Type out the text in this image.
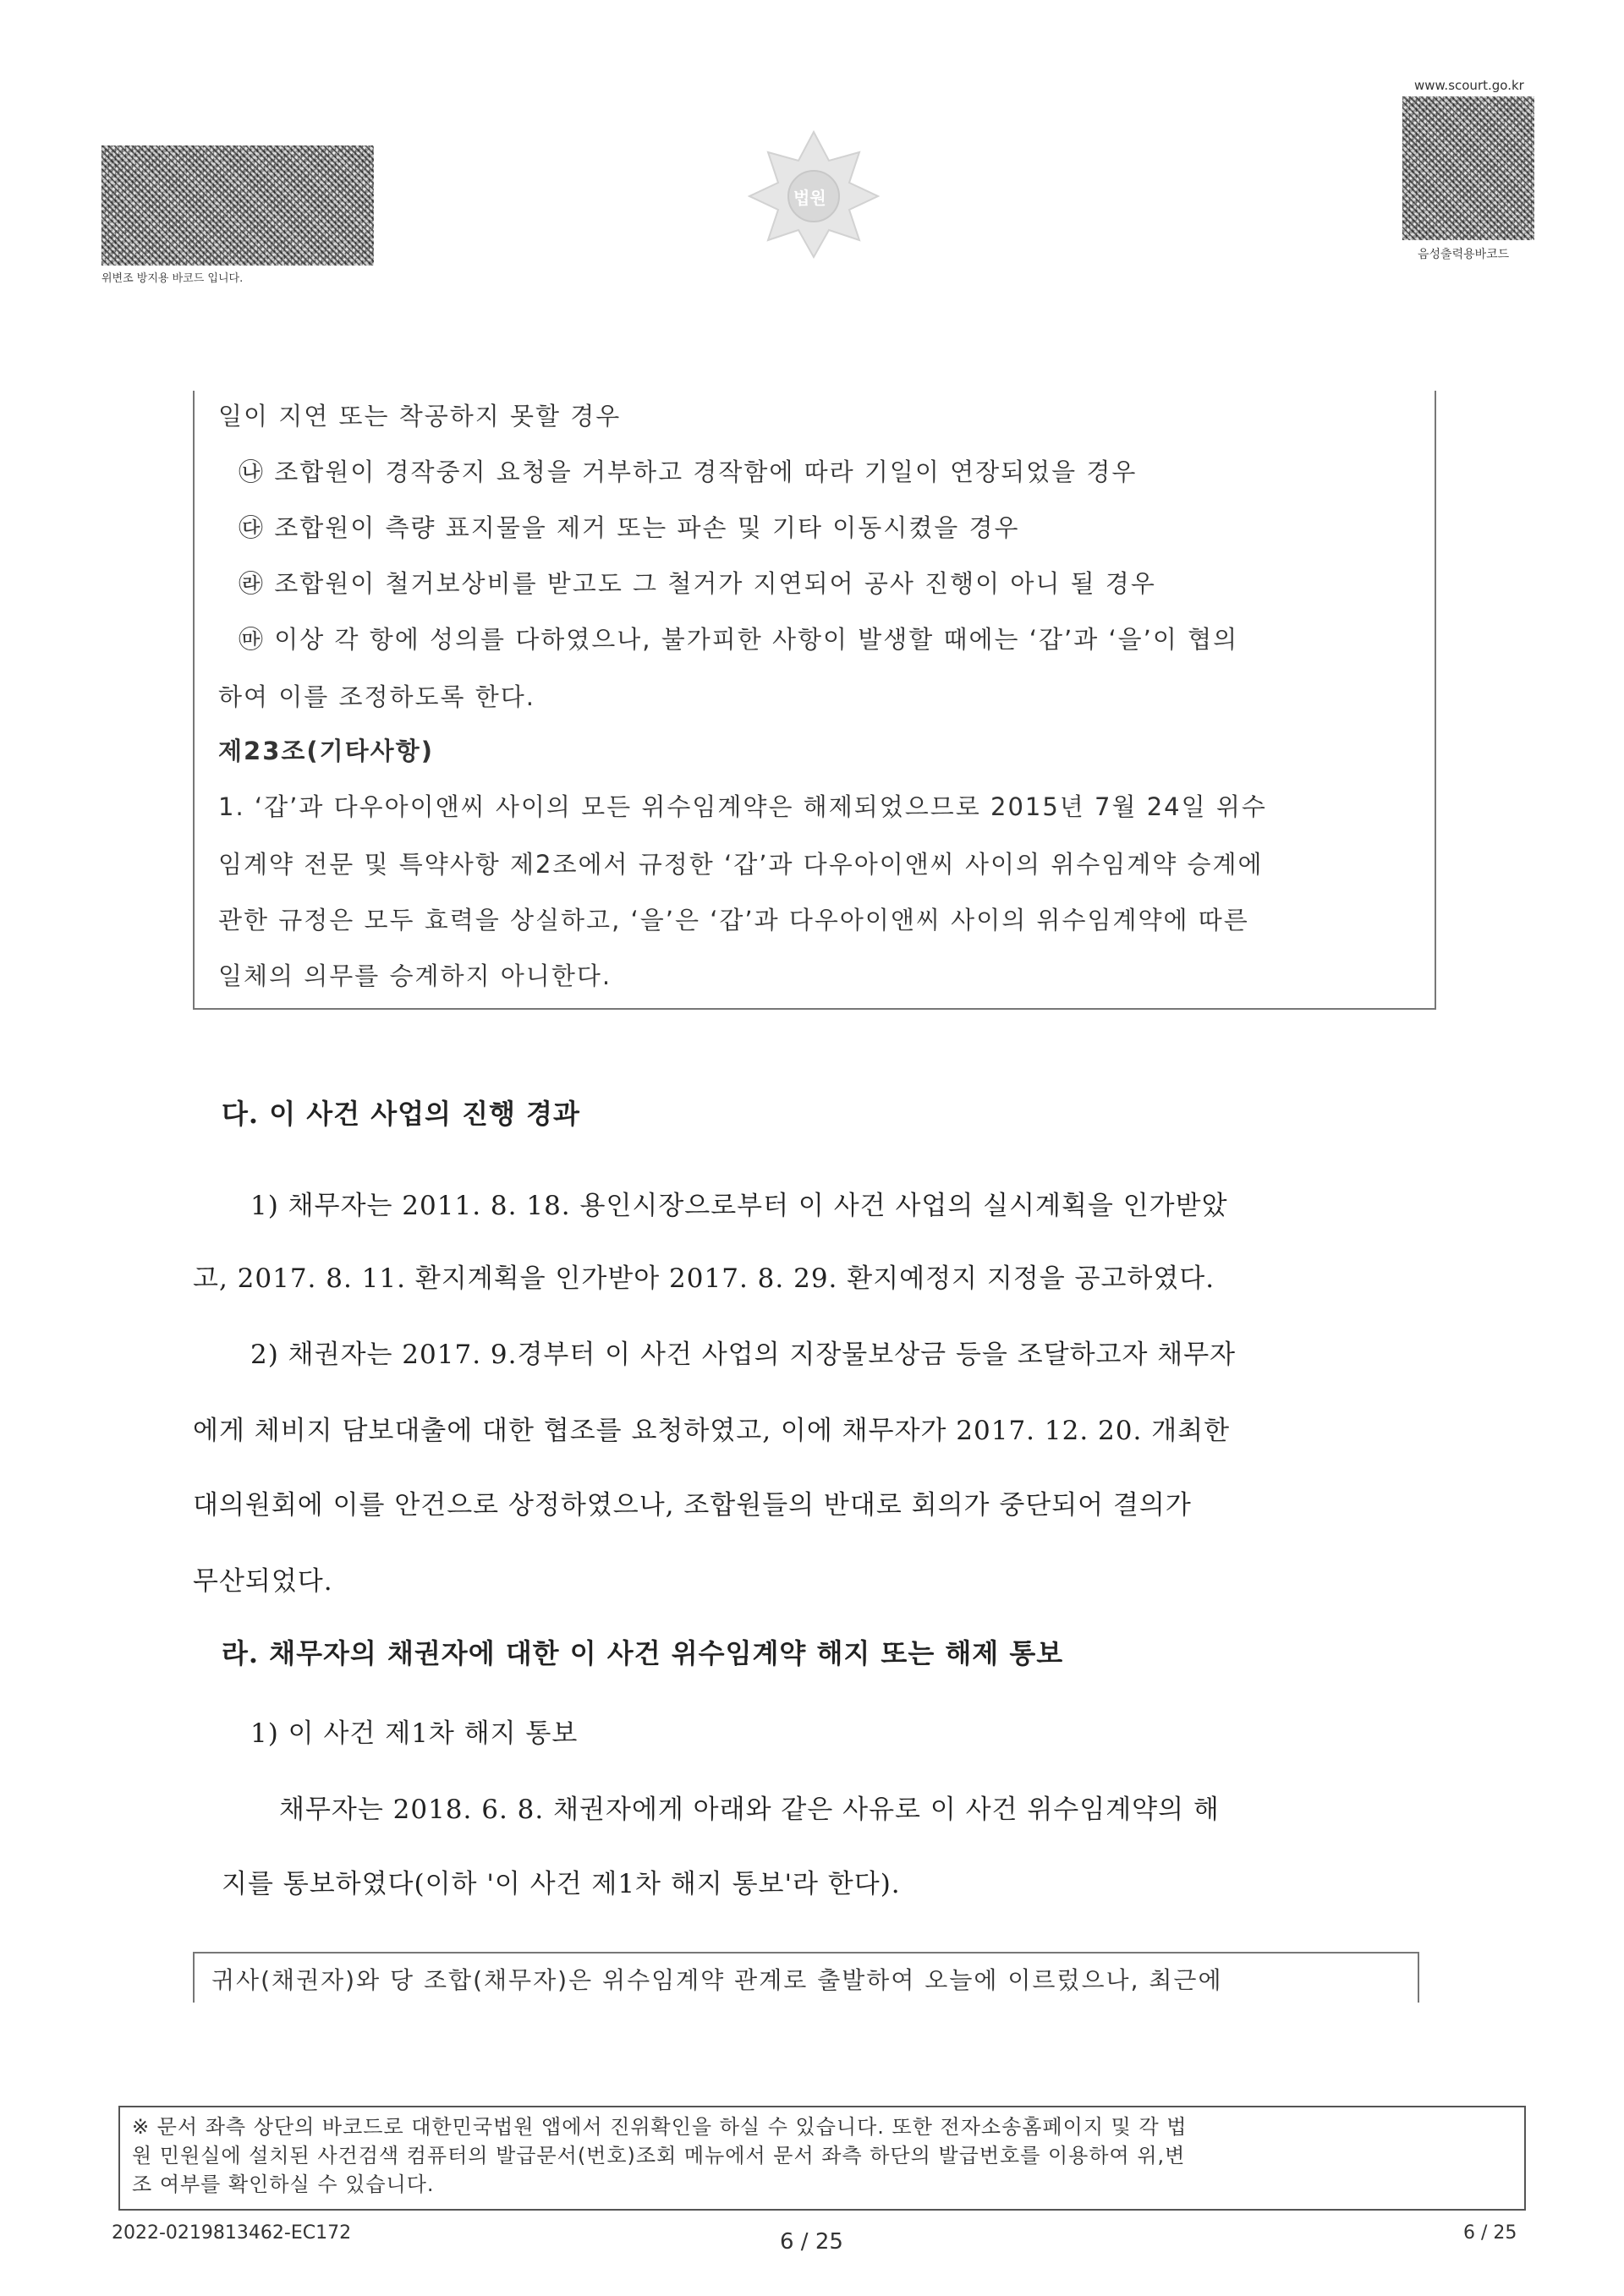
위변조 방지용 바코드 입니다.
법원
www.scourt.go.kr
음성출력용바코드
일이 지연 또는 착공하지 못할 경우
㉯ 조합원이 경작중지 요청을 거부하고 경작함에 따라 기일이 연장되었을 경우
㉰ 조합원이 측량 표지물을 제거 또는 파손 및 기타 이동시켰을 경우
㉱ 조합원이 철거보상비를 받고도 그 철거가 지연되어 공사 진행이 아니 될 경우
㉲ 이상 각 항에 성의를 다하였으나, 불가피한 사항이 발생할 때에는 ‘갑’과 ‘을’이 협의
하여 이를 조정하도록 한다.
제23조(기타사항)
1. ‘갑’과 다우아이앤씨 사이의 모든 위수임계약은 해제되었으므로 2015년 7월 24일 위수
임계약 전문 및 특약사항 제2조에서 규정한 ‘갑’과 다우아이앤씨 사이의 위수임계약 승계에
관한 규정은 모두 효력을 상실하고, ‘을’은 ‘갑’과 다우아이앤씨 사이의 위수임계약에 따른
일체의 의무를 승계하지 아니한다.
다. 이 사건 사업의 진행 경과
1) 채무자는 2011. 8. 18. 용인시장으로부터 이 사건 사업의 실시계획을 인가받았
고, 2017. 8. 11. 환지계획을 인가받아 2017. 8. 29. 환지예정지 지정을 공고하였다.
2) 채권자는 2017. 9.경부터 이 사건 사업의 지장물보상금 등을 조달하고자 채무자
에게 체비지 담보대출에 대한 협조를 요청하였고, 이에 채무자가 2017. 12. 20. 개최한
대의원회에 이를 안건으로 상정하였으나, 조합원들의 반대로 회의가 중단되어 결의가
무산되었다.
라. 채무자의 채권자에 대한 이 사건 위수임계약 해지 또는 해제 통보
1) 이 사건 제1차 해지 통보
채무자는 2018. 6. 8. 채권자에게 아래와 같은 사유로 이 사건 위수임계약의 해
지를 통보하였다(이하 '이 사건 제1차 해지 통보'라 한다).
귀사(채권자)와 당 조합(채무자)은 위수임계약 관계로 출발하여 오늘에 이르렀으나, 최근에
※ 문서 좌측 상단의 바코드로 대한민국법원 앱에서 진위확인을 하실 수 있습니다. 또한 전자소송홈페이지 및 각 법
원 민원실에 설치된 사건검색 컴퓨터의 발급문서(번호)조회 메뉴에서 문서 좌측 하단의 발급번호를 이용하여 위,변
조 여부를 확인하실 수 있습니다.
2022-0219813462-EC172	6 / 25	6 / 25
